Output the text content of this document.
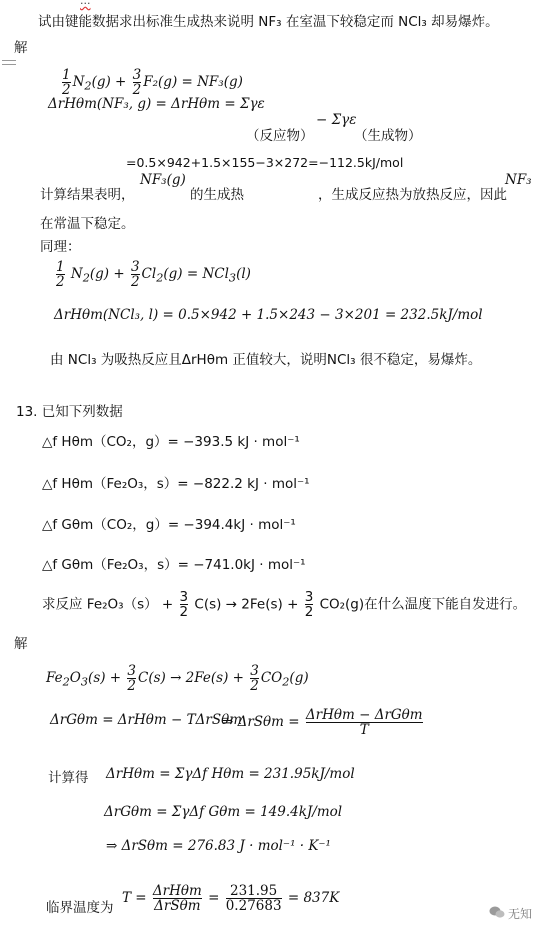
...
试由键能数据求出标准生成热来说明 NF₃ 在室温下较稳定而 NCl₃ 却易爆炸。
解
$\frac{1}{2} N_2(g) + \frac{3}{2} F_2(g) = NF_3(g)$
ΔrHθm(NF₃, g) = ΔrHθm = Σγε
− Σγε
（反应物）	（生成物）
=0.5×942+1.5×155−3×272=−112.5kJ/mol
计算结果表明，
NF₃(g)
的生成热	，生成反应热为放热反应，因此
NF₃
在常温下稳定。
同理：
$\frac{1}{2} N_2(g) + \frac{3}{2} Cl_2(g) = NCl_3(l)$
ΔrHθm(NCl₃, l) = 0.5×942 + 1.5×243 − 3×201 = 232.5kJ/mol
由 NCl₃ 为吸热反应且ΔrHθm 正值较大，说明NCl₃ 很不稳定，易爆炸。
13. 已知下列数据
△f Hθm（CO₂，g）= −393.5 kJ · mol⁻¹
△f Hθm（Fe₂O₃，s）= −822.2 kJ · mol⁻¹
△f Gθm（CO₂，g）= −394.4kJ · mol⁻¹
△f Gθm（Fe₂O₃，s）= −741.0kJ · mol⁻¹
求反应 $Fe_2O_3(s) + \frac{3}{2} C(s) \to 2Fe(s) + \frac{3}{2} CO_2(g)$在什么温度下能自发进行。
解
$Fe_2O_3(s) + \frac{3}{2} C(s) \to 2Fe(s) + \frac{3}{2} CO_2(g)$
ΔrGθm = ΔrHθm − TΔrSθm
⇒ $\Delta rS\theta m = \frac{\text{ΔrHθm − ΔrGθm}}{T}$
计算得 ΔrHθm = ΣγΔf Hθm = 231.95kJ/mol
ΔrGθm = ΣγΔf Gθm = 149.4kJ/mol
⇒ ΔrSθm = 276.83 J · mol⁻¹ · K⁻¹
临界温度为
$T = \frac{\text{ΔrHθm}}{\text{ΔrSθm}} = \frac{231.95}{0.27683} = 837K$
无知
